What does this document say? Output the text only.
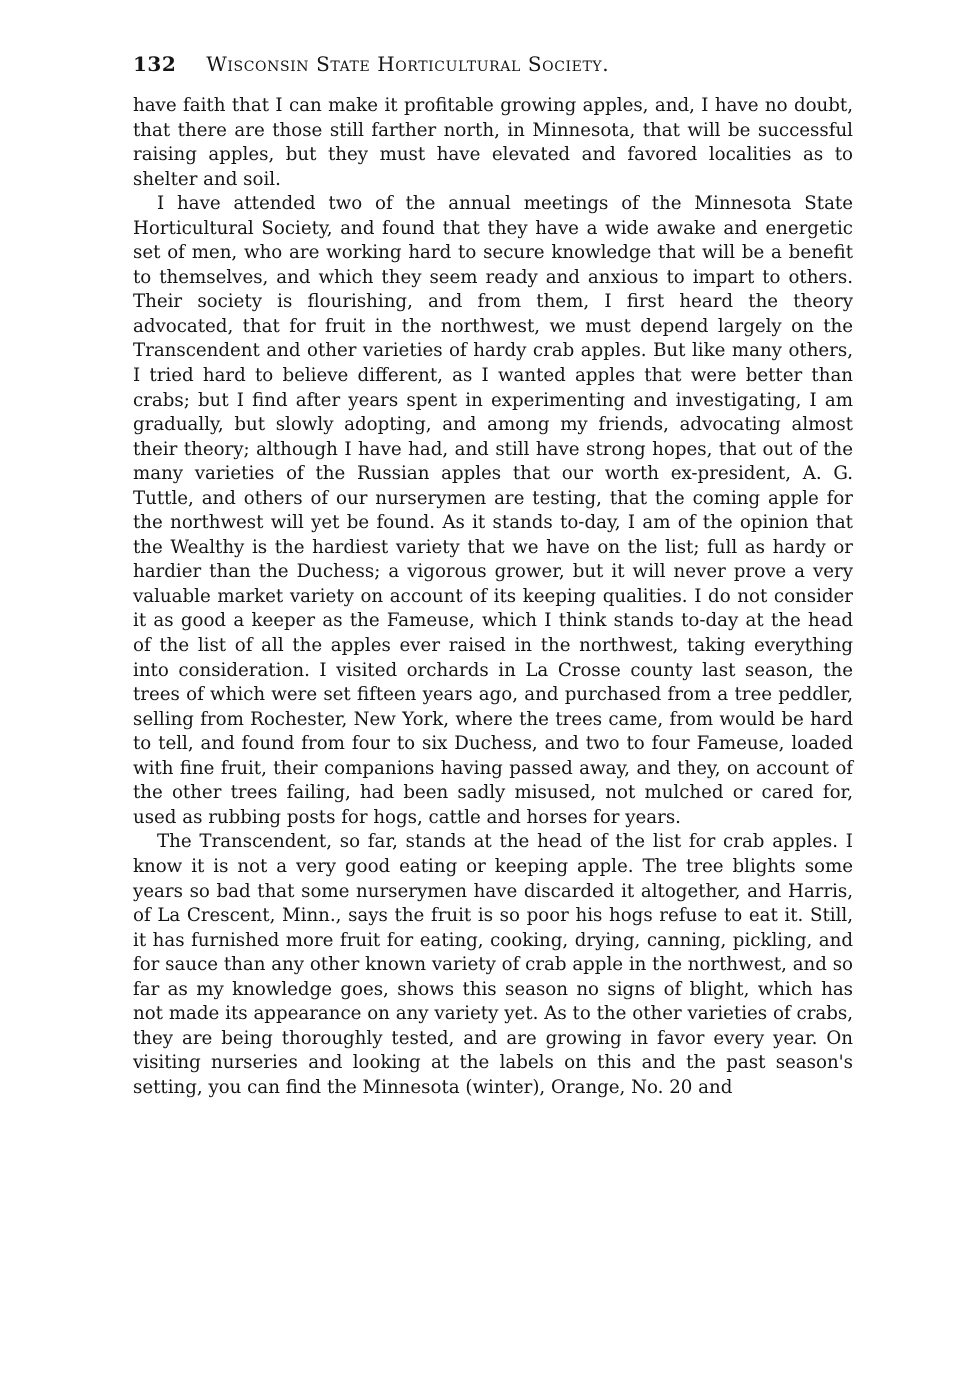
132 Wisconsin State Horticultural Society.

have faith that I can make it profitable growing apples, and, I have no doubt, that there are those still farther north, in Minnesota, that will be successful raising apples, but they must have elevated and favored localities as to shelter and soil.

I have attended two of the annual meetings of the Minnesota State Horticultural Society, and found that they have a wide awake and energetic set of men, who are working hard to secure knowledge that will be a benefit to themselves, and which they seem ready and anxious to impart to others. Their society is flourishing, and from them, I first heard the theory advocated, that for fruit in the northwest, we must depend largely on the Transcendent and other varieties of hardy crab apples. But like many others, I tried hard to believe different, as I wanted apples that were better than crabs; but I find after years spent in experimenting and investigating, I am gradually, but slowly adopting, and among my friends, advocating almost their theory; although I have had, and still have strong hopes, that out of the many varieties of the Russian apples that our worth ex-president, A. G. Tuttle, and others of our nurserymen are testing, that the coming apple for the northwest will yet be found. As it stands to-day, I am of the opinion that the Wealthy is the hardiest variety that we have on the list; full as hardy or hardier than the Duchess; a vigorous grower, but it will never prove a very valuable market variety on account of its keeping qualities. I do not consider it as good a keeper as the Fameuse, which I think stands to-day at the head of the list of all the apples ever raised in the northwest, taking everything into consideration. I visited orchards in La Crosse county last season, the trees of which were set fifteen years ago, and purchased from a tree peddler, selling from Rochester, New York, where the trees came, from would be hard to tell, and found from four to six Duchess, and two to four Fameuse, loaded with fine fruit, their companions having passed away, and they, on account of the other trees failing, had been sadly misused, not mulched or cared for, used as rubbing posts for hogs, cattle and horses for years.

The Transcendent, so far, stands at the head of the list for crab apples. I know it is not a very good eating or keeping apple. The tree blights some years so bad that some nurserymen have discarded it altogether, and Harris, of La Crescent, Minn., says the fruit is so poor his hogs refuse to eat it. Still, it has furnished more fruit for eating, cooking, drying, canning, pickling, and for sauce than any other known variety of crab apple in the northwest, and so far as my knowledge goes, shows this season no signs of blight, which has not made its appearance on any variety yet. As to the other varieties of crabs, they are being thoroughly tested, and are growing in favor every year. On visiting nurseries and looking at the labels on this and the past season's setting, you can find the Minnesota (winter), Orange, No. 20 and
